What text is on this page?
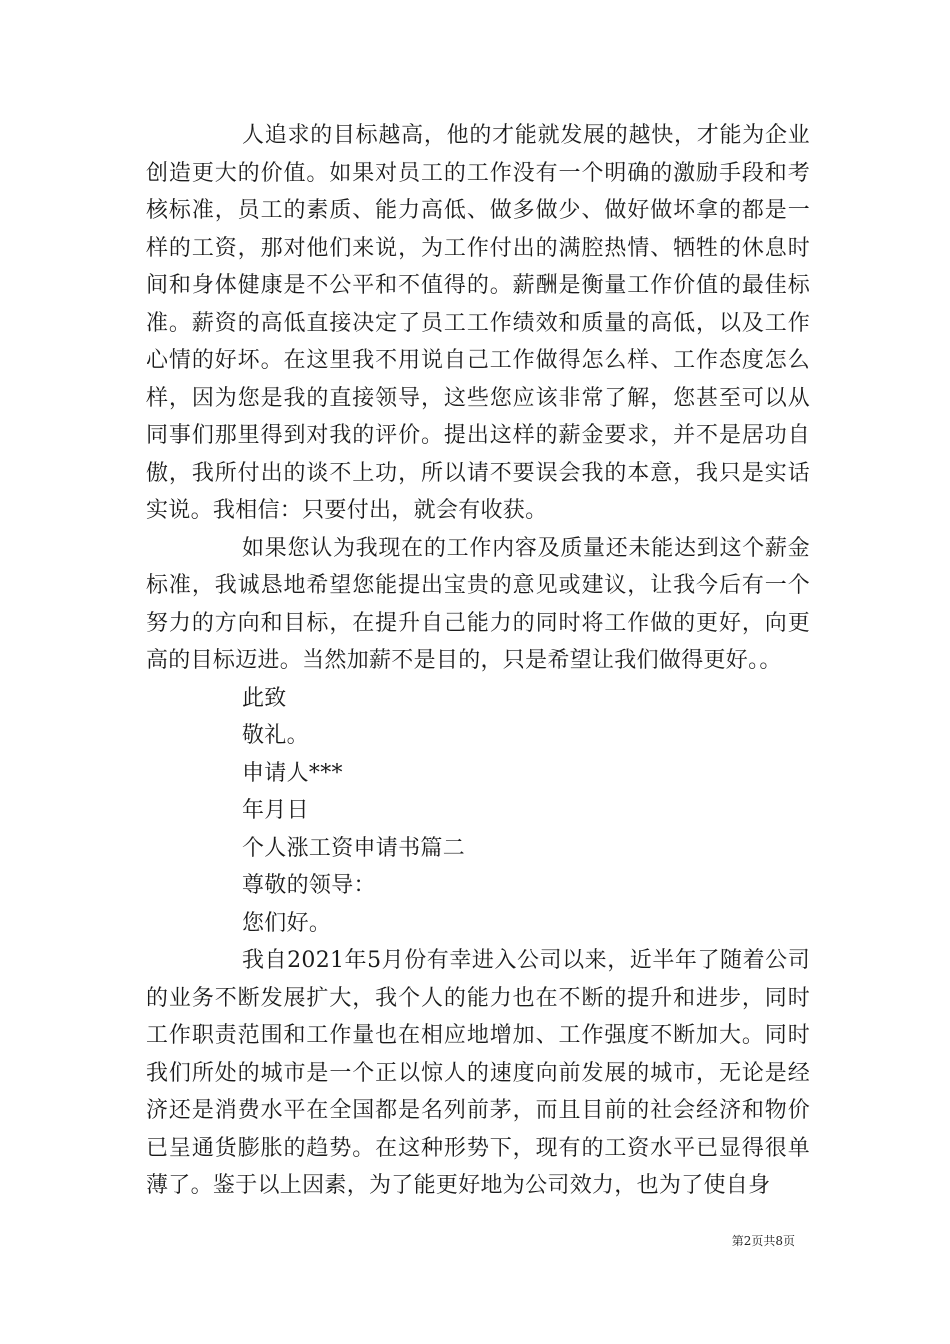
人追求的目标越高，他的才能就发展的越快，才能为企业创造更大的价值。如果对员工的工作没有一个明确的激励手段和考核标准，员工的素质、能力高低、做多做少、做好做坏拿的都是一样的工资，那对他们来说，为工作付出的满腔热情、牺牲的休息时间和身体健康是不公平和不值得的。薪酬是衡量工作价值的最佳标准。薪资的高低直接决定了员工工作绩效和质量的高低，以及工作心情的好坏。在这里我不用说自己工作做得怎么样、工作态度怎么样，因为您是我的直接领导，这些您应该非常了解，您甚至可以从同事们那里得到对我的评价。提出这样的薪金要求，并不是居功自傲，我所付出的谈不上功，所以请不要误会我的本意，我只是实话实说。我相信：只要付出，就会有收获。

如果您认为我现在的工作内容及质量还未能达到这个薪金标准，我诚恳地希望您能提出宝贵的意见或建议，让我今后有一个努力的方向和目标，在提升自己能力的同时将工作做的更好，向更高的目标迈进。当然加薪不是目的，只是希望让我们做得更好。。

此致

敬礼。

申请人***

年月日

个人涨工资申请书篇二

尊敬的领导：

您们好。

我自2021年5月份有幸进入公司以来，近半年了随着公司的业务不断发展扩大，我个人的能力也在不断的提升和进步，同时工作职责范围和工作量也在相应地增加、工作强度不断加大。同时我们所处的城市是一个正以惊人的速度向前发展的城市，无论是经济还是消费水平在全国都是名列前茅，而且目前的社会经济和物价已呈通货膨胀的趋势。在这种形势下，现有的工资水平已显得很单薄了。鉴于以上因素，为了能更好地为公司效力，也为了使自身

第2页共8页
